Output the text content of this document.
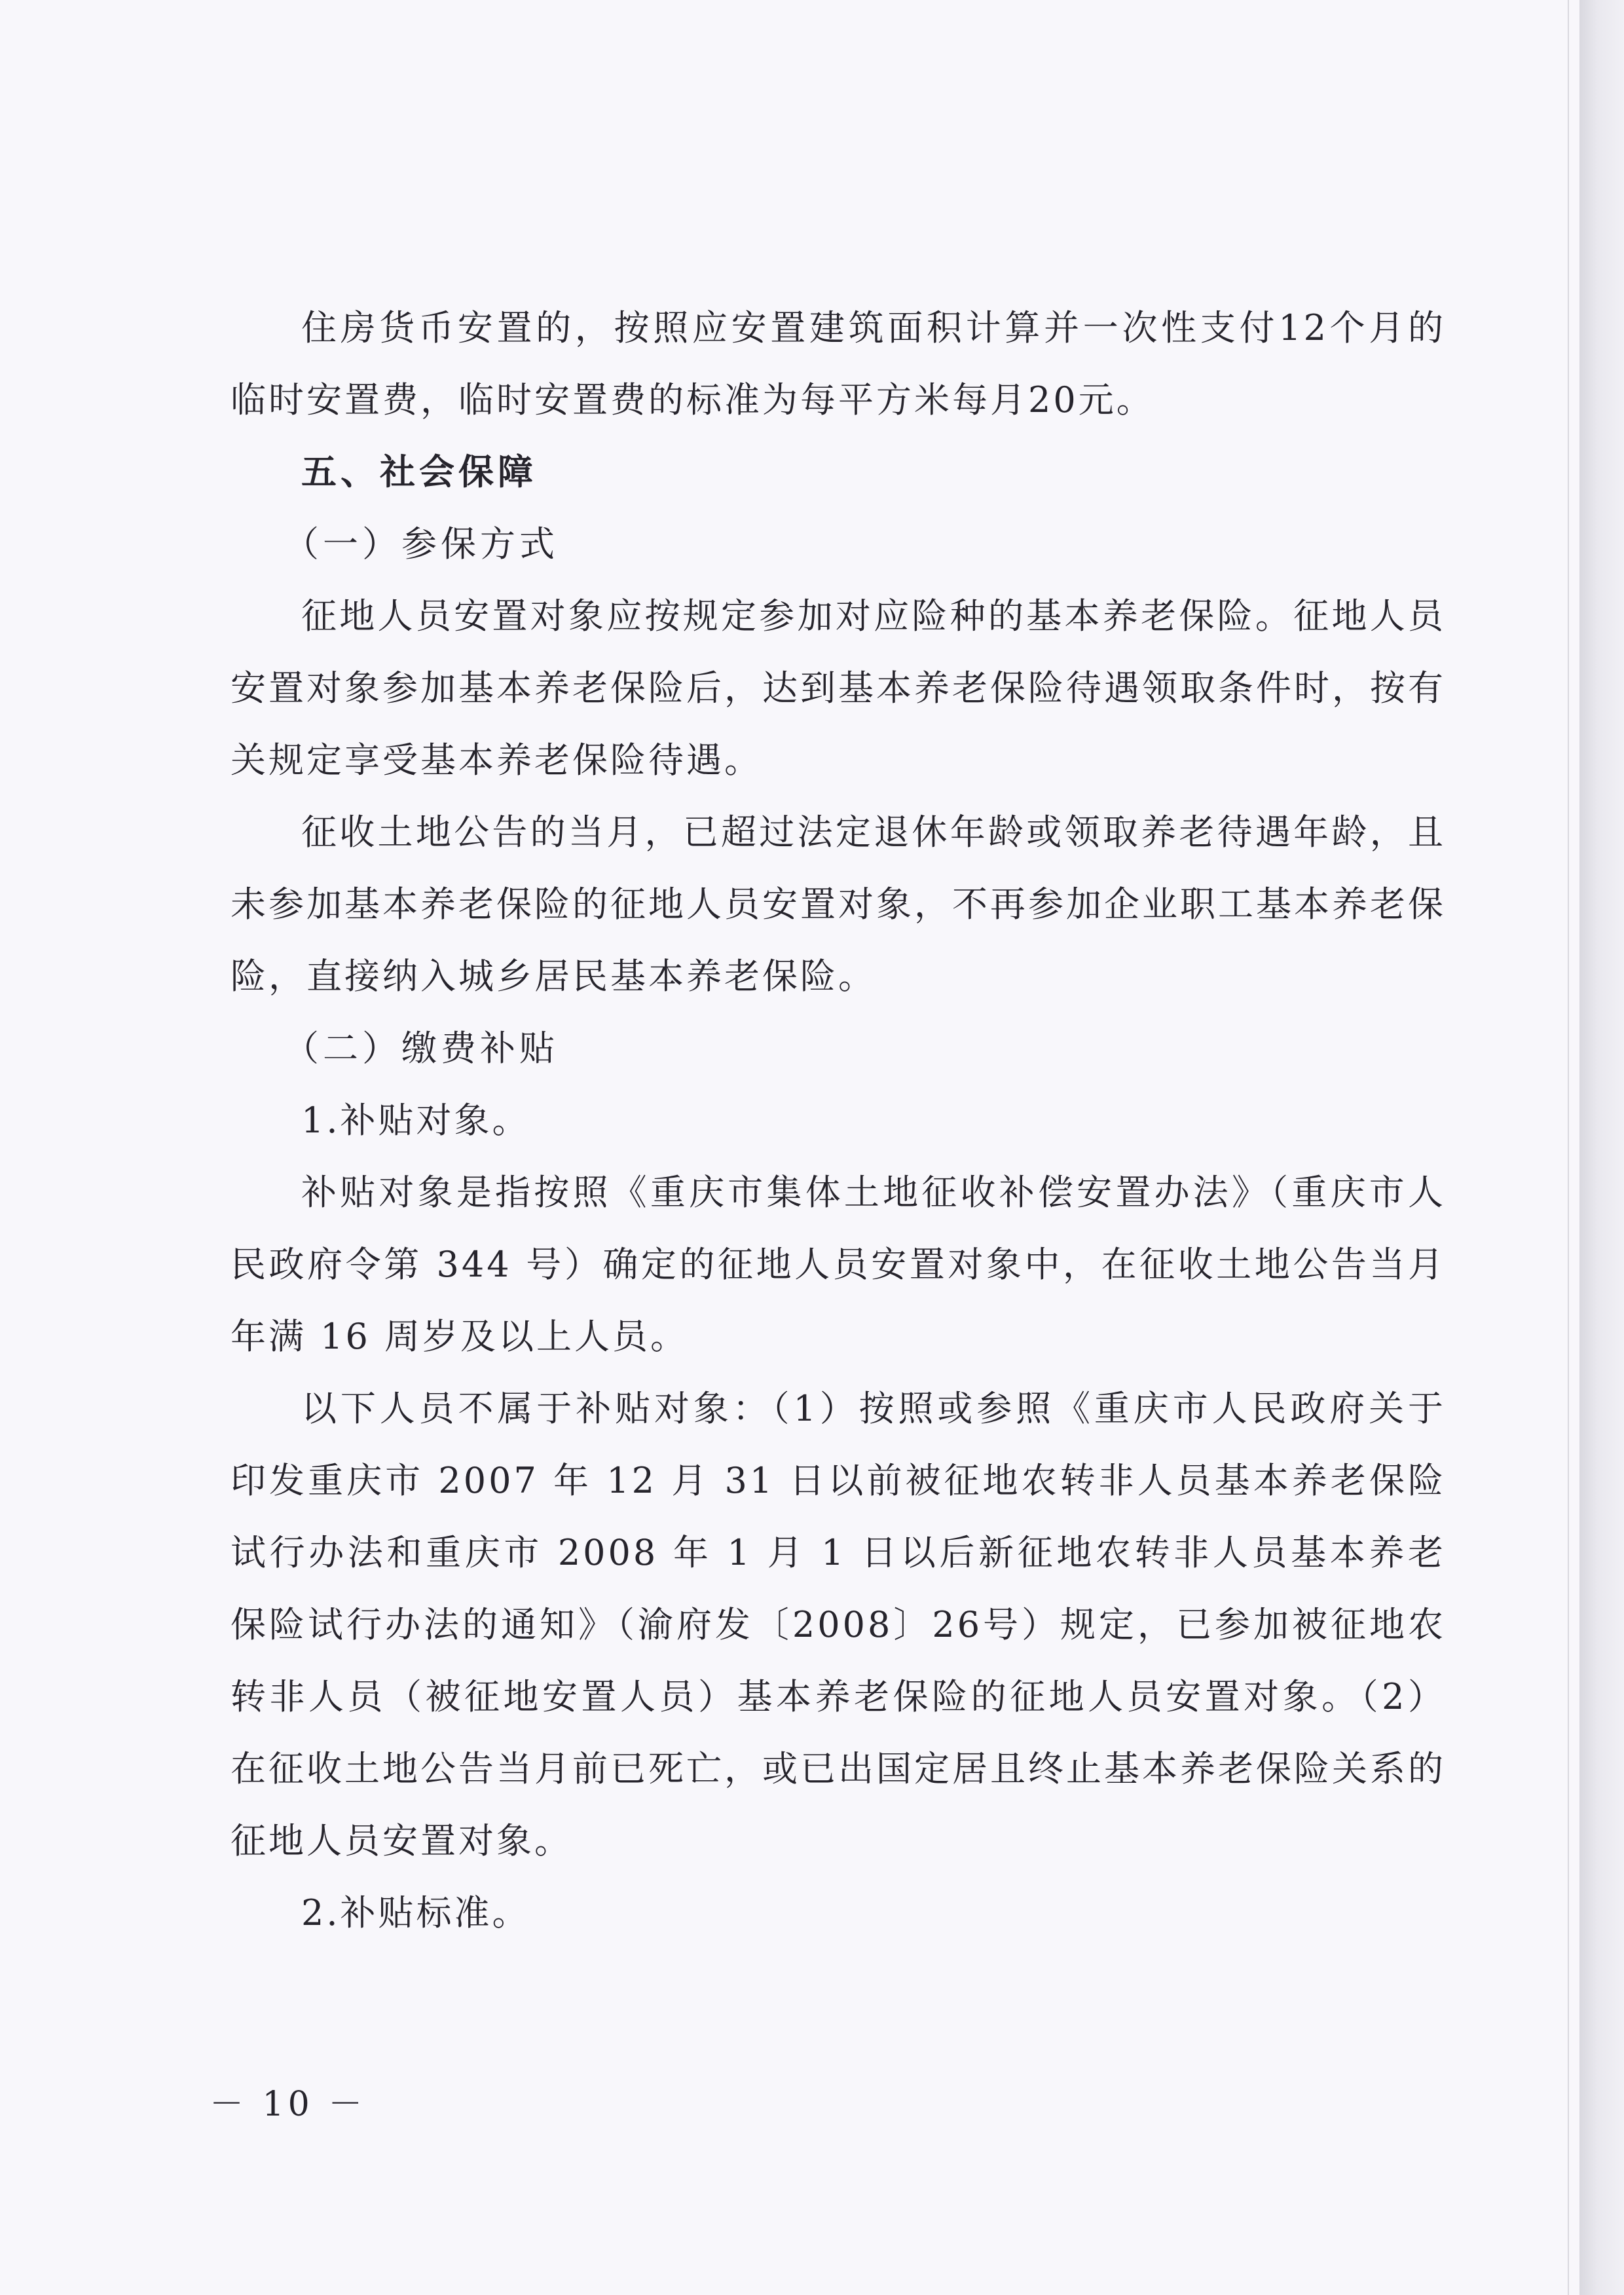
住房货币安置的，按照应安置建筑面积计算并一次性支付12个月的临时安置费，临时安置费的标准为每平方米每月20元。

五、社会保障

（一）参保方式

征地人员安置对象应按规定参加对应险种的基本养老保险。征地人员安置对象参加基本养老保险后，达到基本养老保险待遇领取条件时，按有关规定享受基本养老保险待遇。

征收土地公告的当月，已超过法定退休年龄或领取养老待遇年龄，且未参加基本养老保险的征地人员安置对象，不再参加企业职工基本养老保险，直接纳入城乡居民基本养老保险。

（二）缴费补贴

1.补贴对象。

补贴对象是指按照《重庆市集体土地征收补偿安置办法》（重庆市人民政府令第 344 号）确定的征地人员安置对象中，在征收土地公告当月年满 16 周岁及以上人员。

以下人员不属于补贴对象：（1）按照或参照《重庆市人民政府关于印发重庆市 2007 年 12 月 31 日以前被征地农转非人员基本养老保险试行办法和重庆市 2008 年 1 月 1 日以后新征地农转非人员基本养老保险试行办法的通知》（渝府发〔2008〕26号）规定，已参加被征地农转非人员（被征地安置人员）基本养老保险的征地人员安置对象。（2）在征收土地公告当月前已死亡，或已出国定居且终止基本养老保险关系的征地人员安置对象。

2.补贴标准。

－ 10 －
